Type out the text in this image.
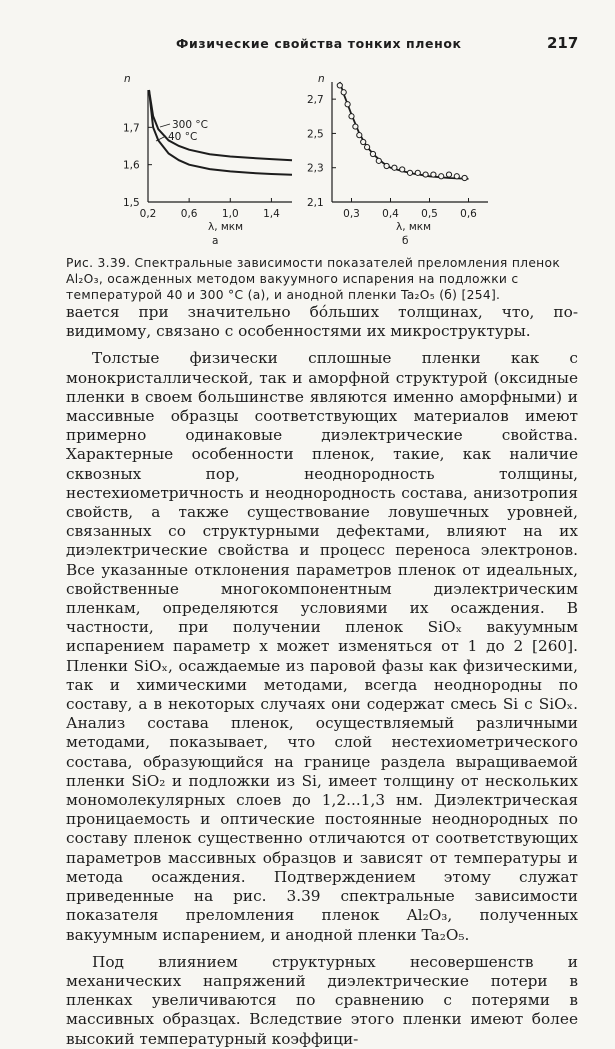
Физические свойства тонких пленок	217
n
λ, мкм
а
300 °C
40 °C
1,5
1,6
1,7
0,2 0,6 1,0 1,4
n
λ, мкм
б
2,1
2,3
2,5
2,7
0,3 0,4 0,5 0,6
Рис. 3.39. Спектральные зависимости показателей преломления пленок Al₂O₃, осажденных методом вакуумного испарения на подложки с температурой 40 и 300 °С (а), и анодной пленки Ta₂O₅ (б) [254].

вается при значительно бóльших толщинах, что, по-видимому, связано с особенностями их микроструктуры.

Толстые физически сплошные пленки как с монокристаллической, так и аморфной структурой (оксидные пленки в своем большинстве являются именно аморфными) и массивные образцы соответствующих материалов имеют примерно одинаковые диэлектрические свойства. Характерные особенности пленок, такие, как наличие сквозных пор, неоднородность толщины, нестехиометричность и неоднородность состава, анизотропия свойств, а также существование ловушечных уровней, связанных со структурными дефектами, влияют на их диэлектрические свойства и процесс переноса электронов. Все указанные отклонения параметров пленок от идеальных, свойственные многокомпонентным диэлектрическим пленкам, определяются условиями их осаждения. В частности, при получении пленок SiOₓ вакуумным испарением параметр x может изменяться от 1 до 2 [260]. Пленки SiOₓ, осаждаемые из паровой фазы как физическими, так и химическими методами, всегда неоднородны по составу, а в некоторых случаях они содержат смесь Si с SiOₓ. Анализ состава пленок, осуществляемый различными методами, показывает, что слой нестехиометрического состава, образующийся на границе раздела выращиваемой пленки SiO₂ и подложки из Si, имеет толщину от нескольких мономолекулярных слоев до 1,2...1,3 нм. Диэлектрическая проницаемость и оптические постоянные неоднородных по составу пленок существенно отличаются от соответствующих параметров массивных образцов и зависят от температуры и метода осаждения. Подтверждением этому служат приведенные на рис. 3.39 спектральные зависимости показателя преломления пленок Al₂O₃, полученных вакуумным испарением, и анодной пленки Ta₂O₅.

Под влиянием структурных несовершенств и механических напряжений диэлектрические потери в пленках увеличиваются по сравнению с потерями в массивных образцах. Вследствие этого пленки имеют более высокий температурный коэффици-
